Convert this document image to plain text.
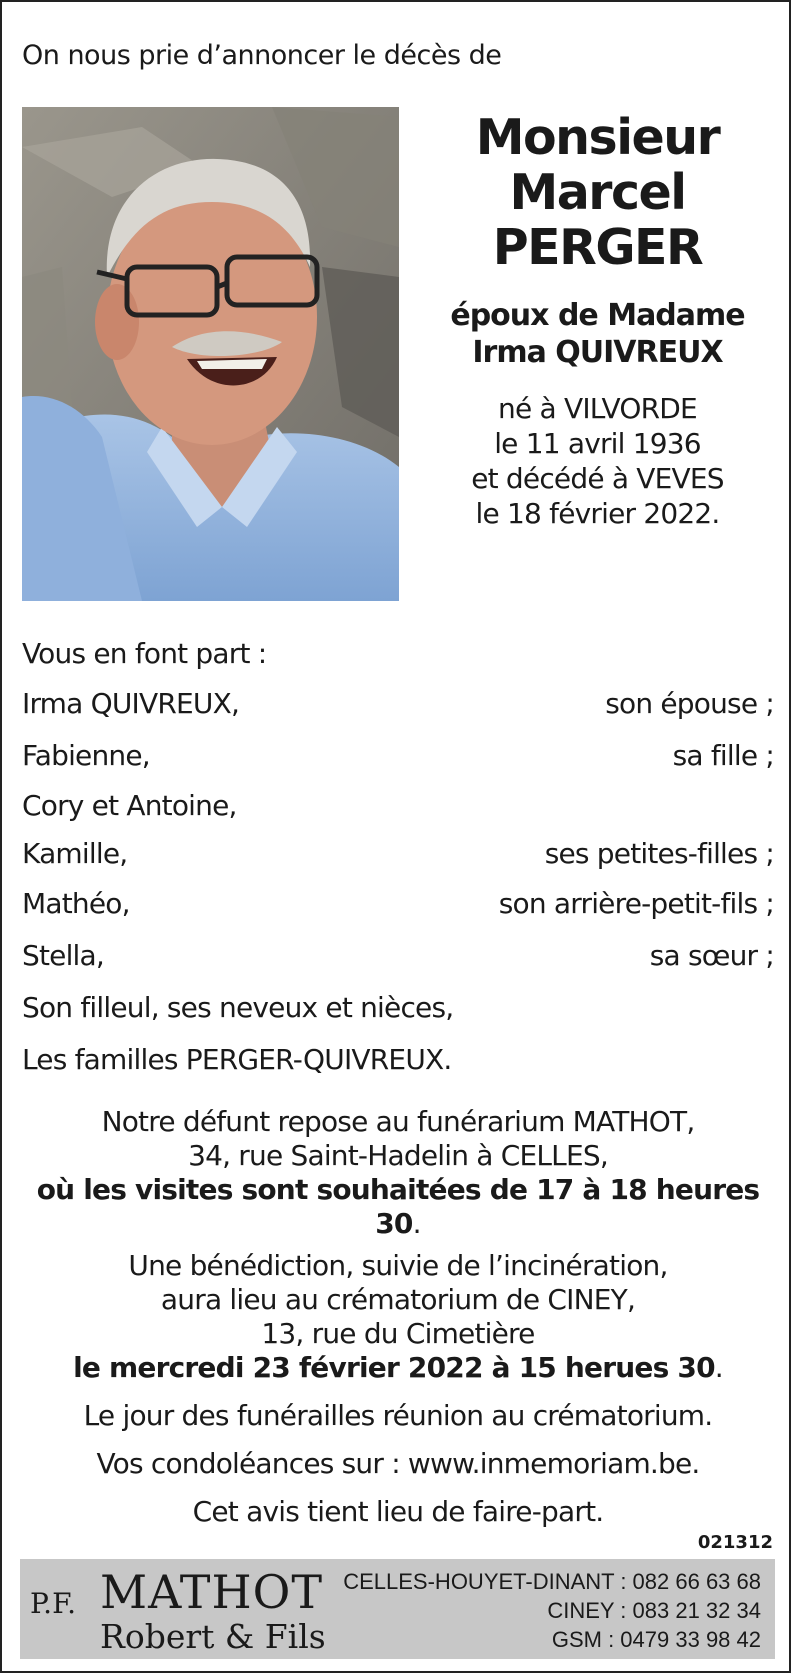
On nous prie d’annoncer le décès de
Monsieur
Marcel
PERGER
époux de Madame
Irma QUIVREUX
né à VILVORDE
le 11 avril 1936
et décédé à VEVES
le 18 février 2022.
Vous en font part :
Irma QUIVREUX,	son épouse ;
Fabienne,	sa fille ;
Cory et Antoine,
Kamille,	ses petites-filles ;
Mathéo,	son arrière-petit-fils ;
Stella,	sa sœur ;
Son filleul, ses neveux et nièces,
Les familles PERGER-QUIVREUX.
Notre défunt repose au funérarium MATHOT,
34, rue Saint-Hadelin à CELLES,
où les visites sont souhaitées de 17 à 18 heures 30.
Une bénédiction, suivie de l’incinération,
aura lieu au crématorium de CINEY,
13, rue du Cimetière
le mercredi 23 février 2022 à 15 herues 30.
Le jour des funérailles réunion au crématorium.
Vos condoléances sur : www.inmemoriam.be.
Cet avis tient lieu de faire-part.
021312
P.F. MATHOT
Robert & Fils
CELLES-HOUYET-DINANT : 082 66 63 68
CINEY : 083 21 32 34
GSM : 0479 33 98 42
